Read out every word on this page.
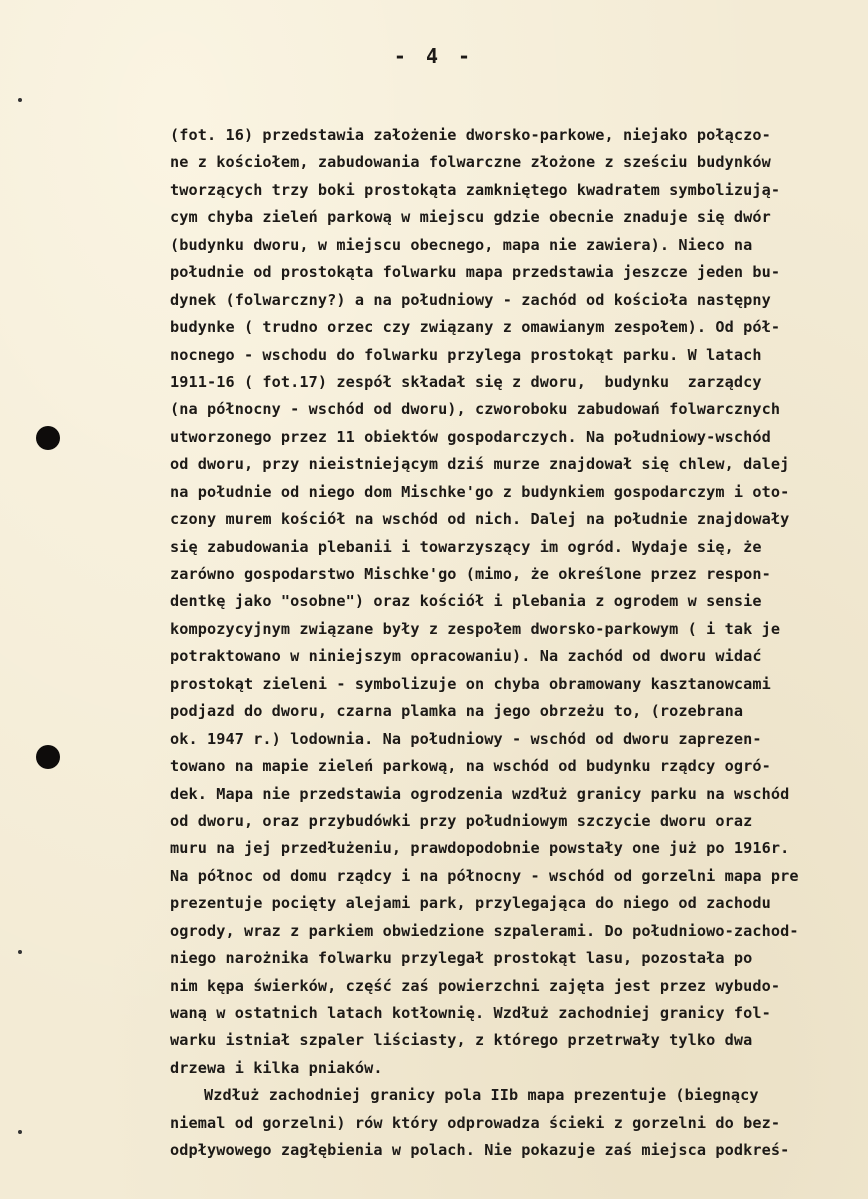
- 4 -
(fot. 16) przedstawia założenie dworsko-parkowe, niejako połączo-
ne z kościołem, zabudowania folwarczne złożone z sześciu budynków
tworzących trzy boki prostokąta zamkniętego kwadratem symbolizują-
cym chyba zieleń parkową w miejscu gdzie obecnie znaduje się dwór
(budynku dworu, w miejscu obecnego, mapa nie zawiera). Nieco na
południe od prostokąta folwarku mapa przedstawia jeszcze jeden bu-
dynek (folwarczny?) a na południowy - zachód od kościoła następny
budynke ( trudno orzec czy związany z omawianym zespołem). Od pół-
nocnego - wschodu do folwarku przylega prostokąt parku. W latach
1911-16 ( fot.17) zespół składał się z dworu,  budynku  zarządcy
(na północny - wschód od dworu), czworoboku zabudowań folwarcznych
utworzonego przez 11 obiektów gospodarczych. Na południowy-wschód
od dworu, przy nieistniejącym dziś murze znajdował się chlew, dalej
na południe od niego dom Mischke'go z budynkiem gospodarczym i oto-
czony murem kościół na wschód od nich. Dalej na południe znajdowały
się zabudowania plebanii i towarzyszący im ogród. Wydaje się, że
zarówno gospodarstwo Mischke'go (mimo, że określone przez respon-
dentkę jako "osobne") oraz kościół i plebania z ogrodem w sensie
kompozycyjnym związane były z zespołem dworsko-parkowym ( i tak je
potraktowano w niniejszym opracowaniu). Na zachód od dworu widać
prostokąt zieleni - symbolizuje on chyba obramowany kasztanowcami
podjazd do dworu, czarna plamka na jego obrzeżu to, (rozebrana
ok. 1947 r.) lodownia. Na południowy - wschód od dworu zaprezen-
towano na mapie zieleń parkową, na wschód od budynku rządcy ogró-
dek. Mapa nie przedstawia ogrodzenia wzdłuż granicy parku na wschód
od dworu, oraz przybudówki przy południowym szczycie dworu oraz
muru na jej przedłużeniu, prawdopodobnie powstały one już po 1916r.
Na północ od domu rządcy i na północny - wschód od gorzelni mapa pre
prezentuje pocięty alejami park, przylegająca do niego od zachodu
ogrody, wraz z parkiem obwiedzione szpalerami. Do południowo-zachod-
niego narożnika folwarku przylegał prostokąt lasu, pozostała po
nim kępa świerków, część zaś powierzchni zajęta jest przez wybudo-
waną w ostatnich latach kotłownię. Wzdłuż zachodniej granicy fol-
warku istniał szpaler liściasty, z którego przetrwały tylko dwa
drzewa i kilka pniaków.
Wzdłuż zachodniej granicy pola IIb mapa prezentuje (biegnący
niemal od gorzelni) rów który odprowadza ścieki z gorzelni do bez-
odpływowego zagłębienia w polach. Nie pokazuje zaś miejsca podkreś-
